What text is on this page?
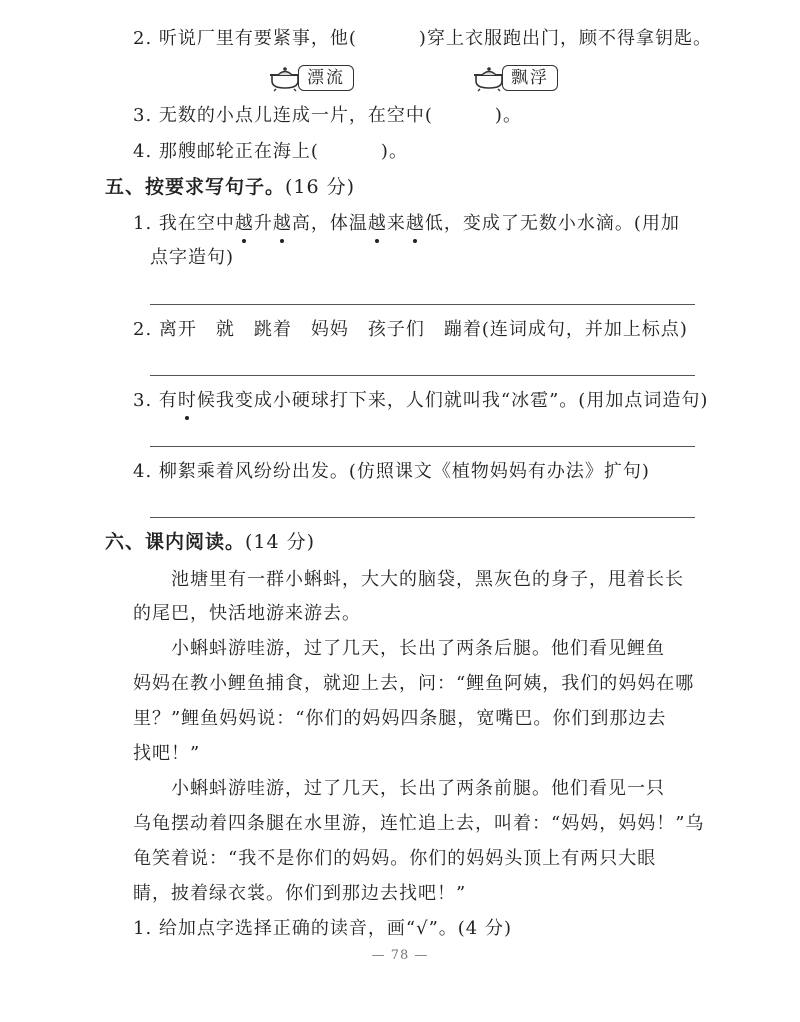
2. 听说厂里有要紧事，他(	)穿上衣服跑出门，顾不得拿钥匙。
漂流	飘浮
3. 无数的小点儿连成一片，在空中(	)。
4. 那艘邮轮正在海上(	)。
五、按要求写句子。(16 分)
1. 我在空中越升越高，体温越来越低，变成了无数小水滴。(用加
点字造句)
2. 离开　就　跳着　妈妈　孩子们　蹦着(连词成句，并加上标点)
3. 有时候我变成小硬球打下来，人们就叫我“冰雹”。(用加点词造句)
4. 柳絮乘着风纷纷出发。(仿照课文《植物妈妈有办法》扩句)
六、课内阅读。(14 分)
　　池塘里有一群小蝌蚪，大大的脑袋，黑灰色的身子，甩着长长
的尾巴，快活地游来游去。
　　小蝌蚪游哇游，过了几天，长出了两条后腿。他们看见鲤鱼
妈妈在教小鲤鱼捕食，就迎上去，问：“鲤鱼阿姨，我们的妈妈在哪
里？”鲤鱼妈妈说：“你们的妈妈四条腿，宽嘴巴。你们到那边去
找吧！”
　　小蝌蚪游哇游，过了几天，长出了两条前腿。他们看见一只
乌龟摆动着四条腿在水里游，连忙追上去，叫着：“妈妈，妈妈！”乌
龟笑着说：“我不是你们的妈妈。你们的妈妈头顶上有两只大眼
睛，披着绿衣裳。你们到那边去找吧！”
1. 给加点字选择正确的读音，画“√”。(4 分)
— 78 —
